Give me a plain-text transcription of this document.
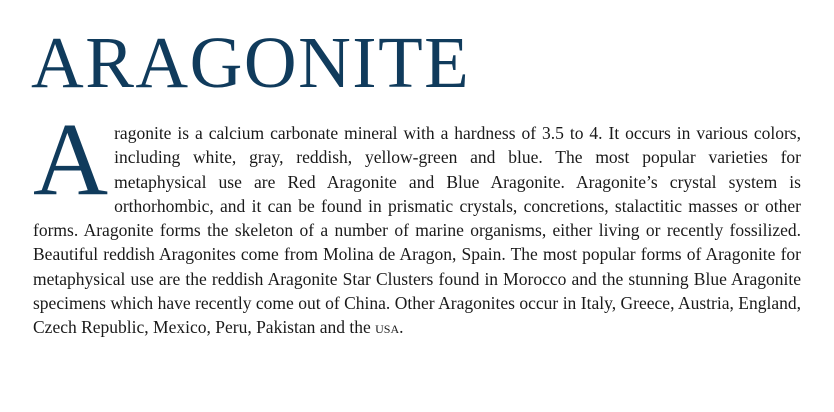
ARAGONITE

Aragonite is a calcium carbonate mineral with a hardness of 3.5 to 4. It occurs in various colors, including white, gray, reddish, yellow-green and blue. The most popular varieties for metaphysical use are Red Aragonite and Blue Aragonite. Aragonite’s crystal system is orthorhombic, and it can be found in prismatic crystals, concretions, stalactitic masses or other forms. Aragonite forms the skeleton of a number of marine organisms, either living or recently fossilized. Beautiful reddish Aragonites come from Molina de Aragon, Spain. The most popular forms of Aragonite for metaphysical use are the reddish Aragonite Star Clusters found in Morocco and the stunning Blue Aragonite specimens which have recently come out of China. Other Aragonites occur in Italy, Greece, Austria, England, Czech Republic, Mexico, Peru, Pakistan and the usa.
